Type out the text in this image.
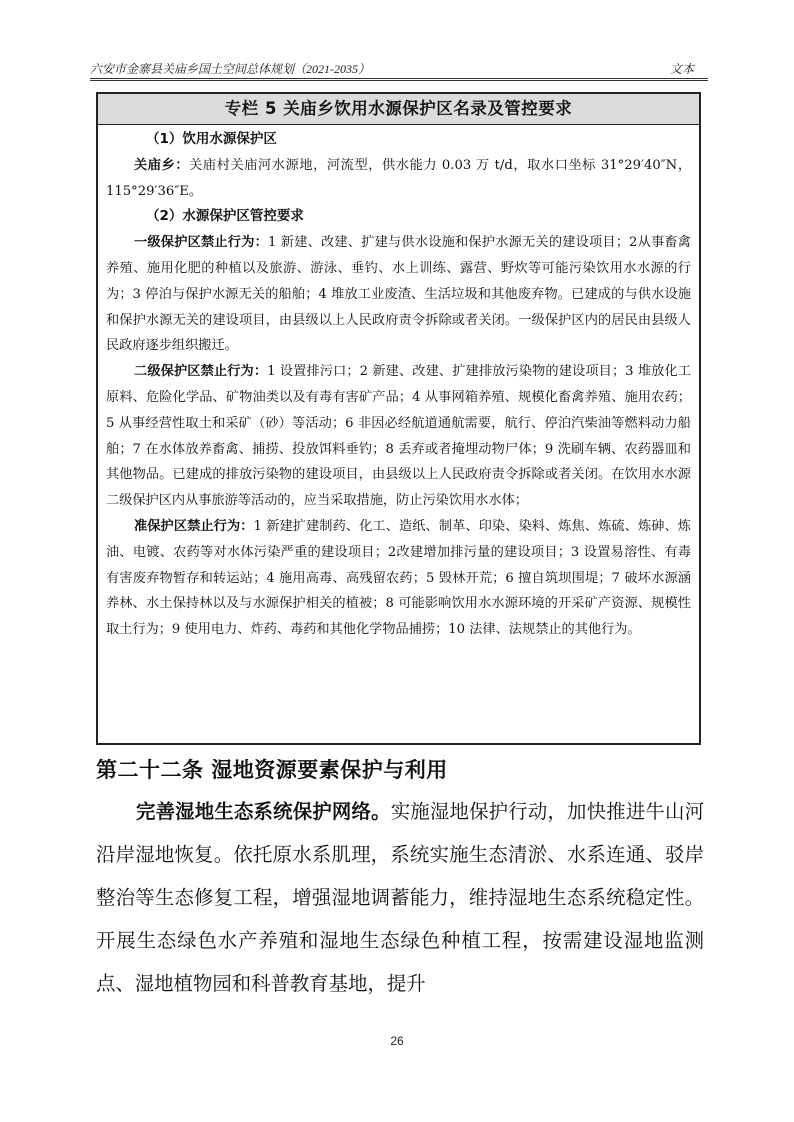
六安市金寨县关庙乡国土空间总体规划（2021-2035）	文本
专栏 5 关庙乡饮用水源保护区名录及管控要求

（1）饮用水源保护区

关庙乡：关庙村关庙河水源地，河流型，供水能力 0.03 万 t/d，取水口坐标 31°29′40″N，115°29′36″E。

（2）水源保护区管控要求

一级保护区禁止行为：1 新建、改建、扩建与供水设施和保护水源无关的建设项目；2从事畜禽养殖、施用化肥的种植以及旅游、游泳、垂钓、水上训练、露营、野炊等可能污染饮用水水源的行为；3 停泊与保护水源无关的船舶；4 堆放工业废渣、生活垃圾和其他废弃物。已建成的与供水设施和保护水源无关的建设项目，由县级以上人民政府责令拆除或者关闭。一级保护区内的居民由县级人民政府逐步组织搬迁。

二级保护区禁止行为：1 设置排污口；2 新建、改建、扩建排放污染物的建设项目；3 堆放化工原料、危险化学品、矿物油类以及有毒有害矿产品；4 从事网箱养殖、规模化畜禽养殖、施用农药；5 从事经营性取土和采矿（砂）等活动；6 非因必经航道通航需要，航行、停泊汽柴油等燃料动力船舶；7 在水体放养畜禽、捕捞、投放饵料垂钓；8 丢弃或者掩埋动物尸体；9 洗刷车辆、农药器皿和其他物品。已建成的排放污染物的建设项目，由县级以上人民政府责令拆除或者关闭。在饮用水水源二级保护区内从事旅游等活动的，应当采取措施，防止污染饮用水水体；

准保护区禁止行为：1 新建扩建制药、化工、造纸、制革、印染、染料、炼焦、炼硫、炼砷、炼油、电镀、农药等对水体污染严重的建设项目；2改建增加排污量的建设项目；3 设置易溶性、有毒有害废弃物暂存和转运站；4 施用高毒、高残留农药；5 毁林开荒；6 擅自筑坝围堤；7 破坏水源涵养林、水土保持林以及与水源保护相关的植被；8 可能影响饮用水水源环境的开采矿产资源、规模性取土行为；9 使用电力、炸药、毒药和其他化学物品捕捞；10 法律、法规禁止的其他行为。

第二十二条 湿地资源要素保护与利用

完善湿地生态系统保护网络。实施湿地保护行动，加快推进牛山河沿岸湿地恢复。依托原水系肌理，系统实施生态清淤、水系连通、驳岸整治等生态修复工程，增强湿地调蓄能力，维持湿地生态系统稳定性。开展生态绿色水产养殖和湿地生态绿色种植工程，按需建设湿地监测点、湿地植物园和科普教育基地，提升

26
